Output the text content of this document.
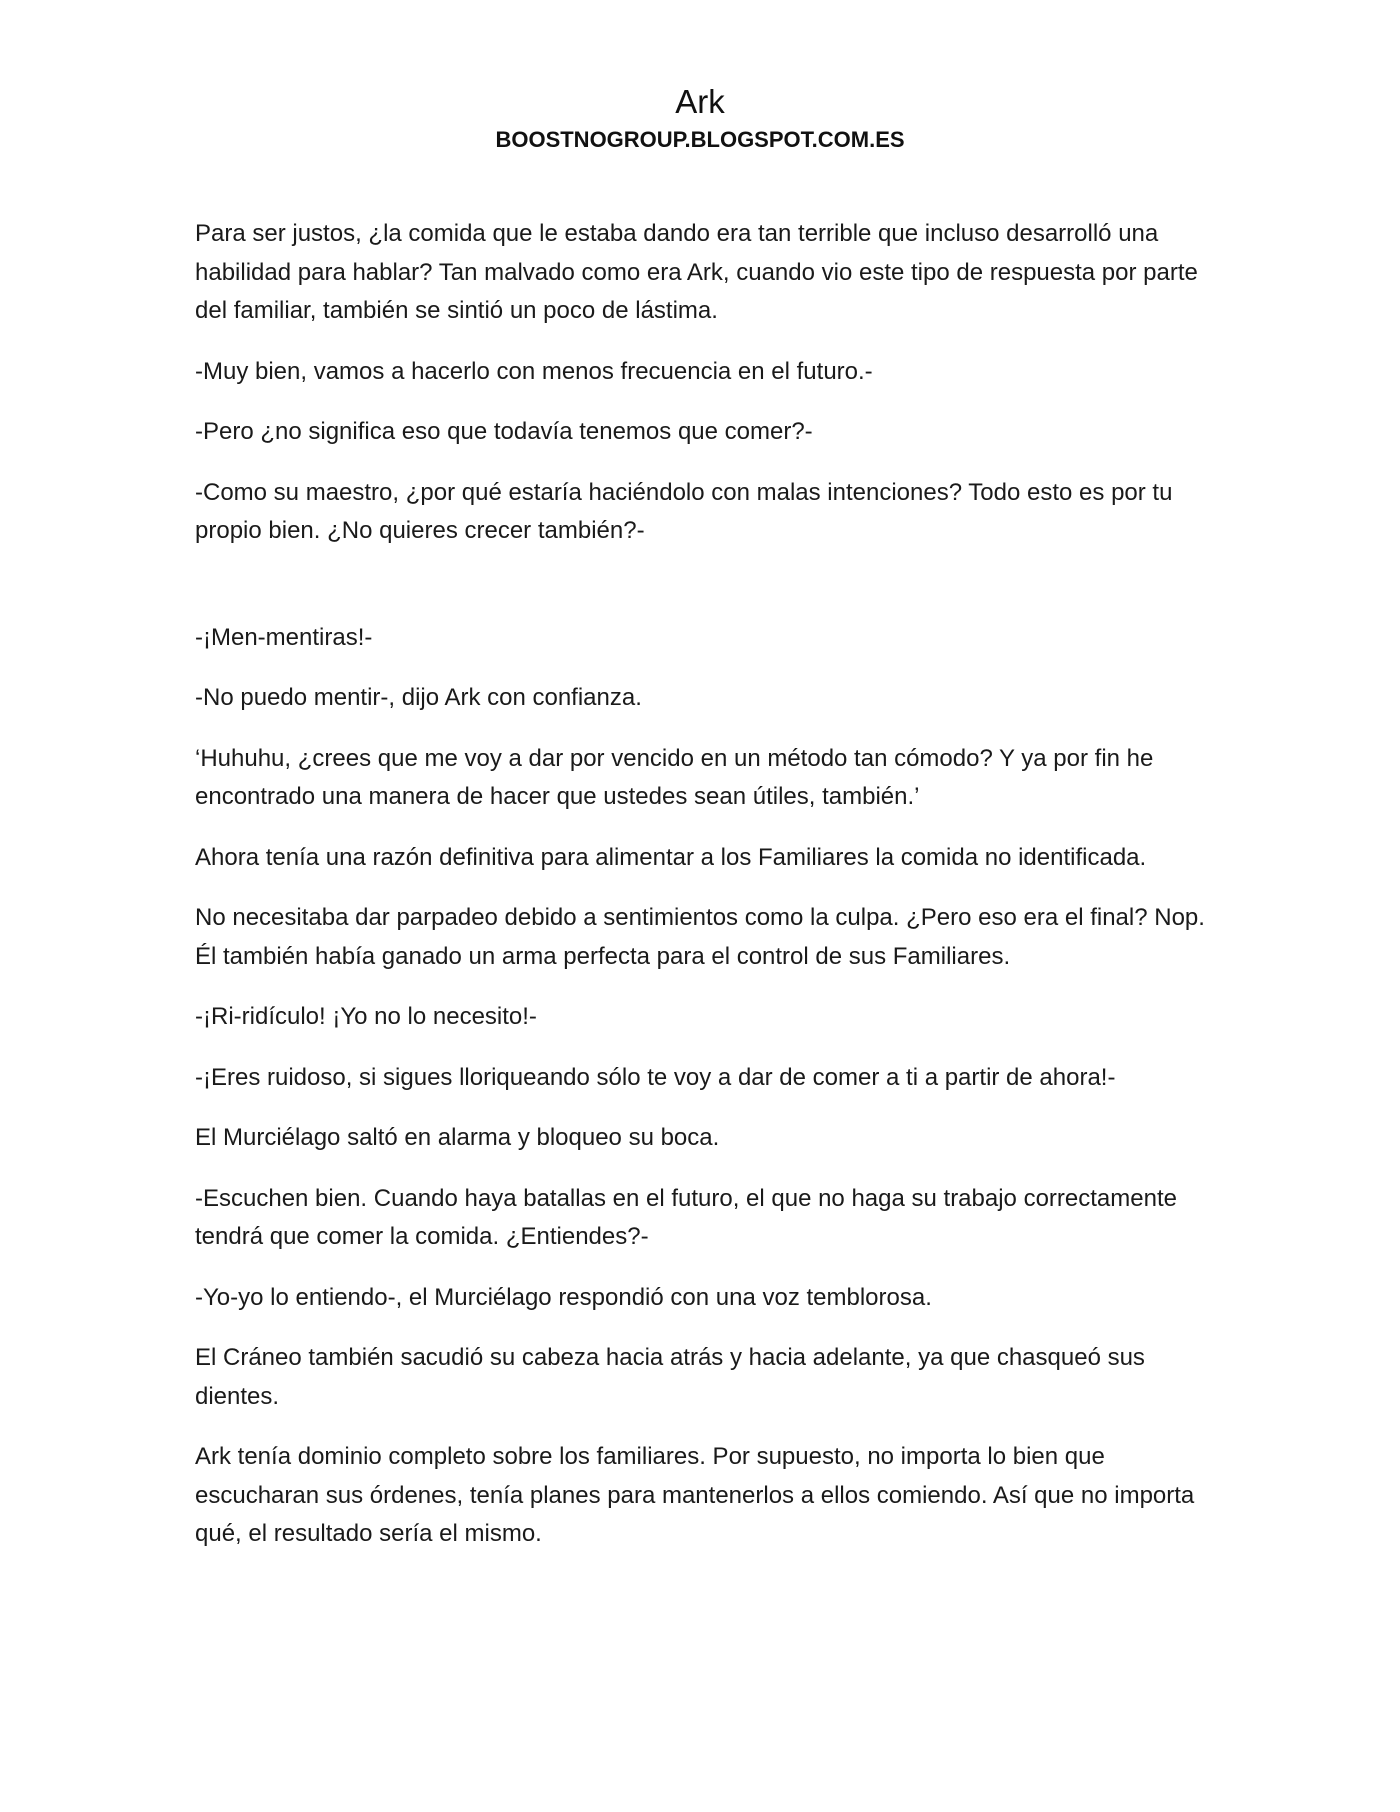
Ark
BOOSTNOGROUP.BLOGSPOT.COM.ES

Para ser justos, ¿la comida que le estaba dando era tan terrible que incluso desarrolló una habilidad para hablar? Tan malvado como era Ark, cuando vio este tipo de respuesta por parte del familiar, también se sintió un poco de lástima.

-Muy bien, vamos a hacerlo con menos frecuencia en el futuro.-

-Pero ¿no significa eso que todavía tenemos que comer?-

-Como su maestro, ¿por qué estaría haciéndolo con malas intenciones? Todo esto es por tu propio bien. ¿No quieres crecer también?-

-¡Men-mentiras!-

-No puedo mentir-, dijo Ark con confianza.

‘Huhuhu, ¿crees que me voy a dar por vencido en un método tan cómodo? Y ya por fin he encontrado una manera de hacer que ustedes sean útiles, también.’

Ahora tenía una razón definitiva para alimentar a los Familiares la comida no identificada.

No necesitaba dar parpadeo debido a sentimientos como la culpa. ¿Pero eso era el final? Nop. Él también había ganado un arma perfecta para el control de sus Familiares.

-¡Ri-ridículo! ¡Yo no lo necesito!-

-¡Eres ruidoso, si sigues lloriqueando sólo te voy a dar de comer a ti a partir de ahora!-

El Murciélago saltó en alarma y bloqueo su boca.

-Escuchen bien. Cuando haya batallas en el futuro, el que no haga su trabajo correctamente tendrá que comer la comida. ¿Entiendes?-

-Yo-yo lo entiendo-, el Murciélago respondió con una voz temblorosa.

El Cráneo también sacudió su cabeza hacia atrás y hacia adelante, ya que chasqueó sus dientes.

Ark tenía dominio completo sobre los familiares. Por supuesto, no importa lo bien que escucharan sus órdenes, tenía planes para mantenerlos a ellos comiendo. Así que no importa qué, el resultado sería el mismo.
